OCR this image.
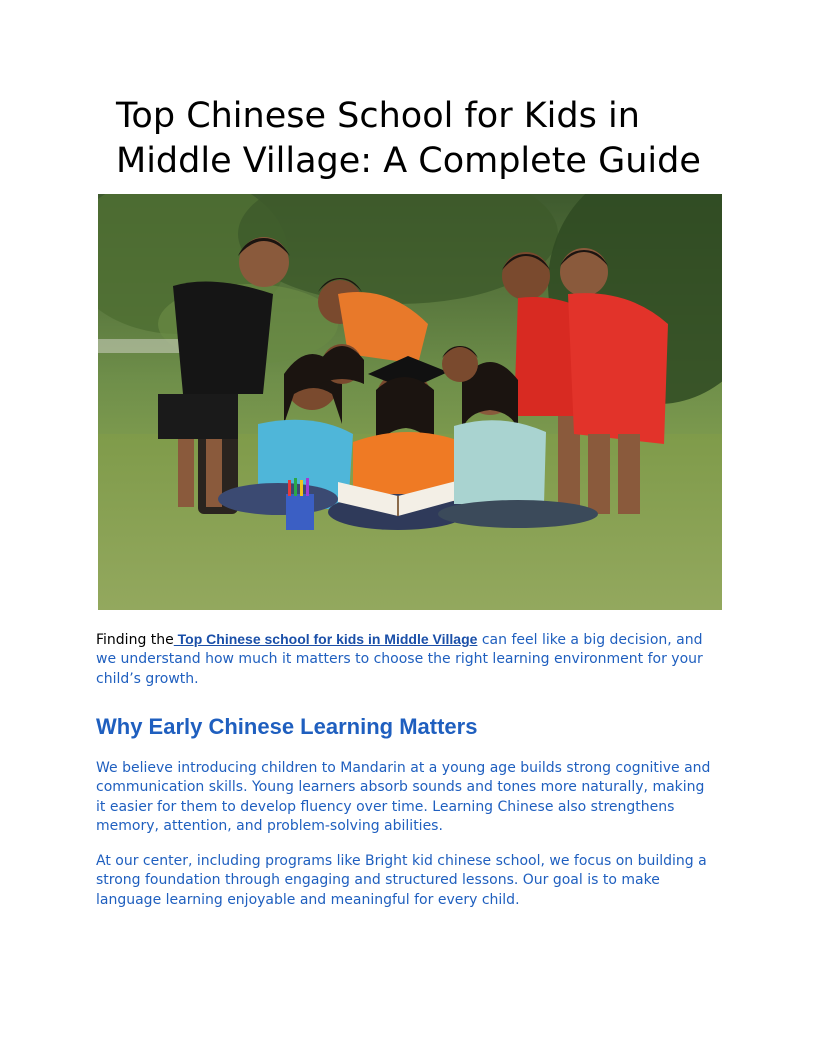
Top Chinese School for Kids in Middle Village: A Complete Guide

Finding the Top Chinese school for kids in Middle Village can feel like a big decision, and we understand how much it matters to choose the right learning environment for your child’s growth.

Why Early Chinese Learning Matters

We believe introducing children to Mandarin at a young age builds strong cognitive and communication skills. Young learners absorb sounds and tones more naturally, making it easier for them to develop fluency over time. Learning Chinese also strengthens memory, attention, and problem-solving abilities.

At our center, including programs like Bright kid chinese school, we focus on building a strong foundation through engaging and structured lessons. Our goal is to make language learning enjoyable and meaningful for every child.
